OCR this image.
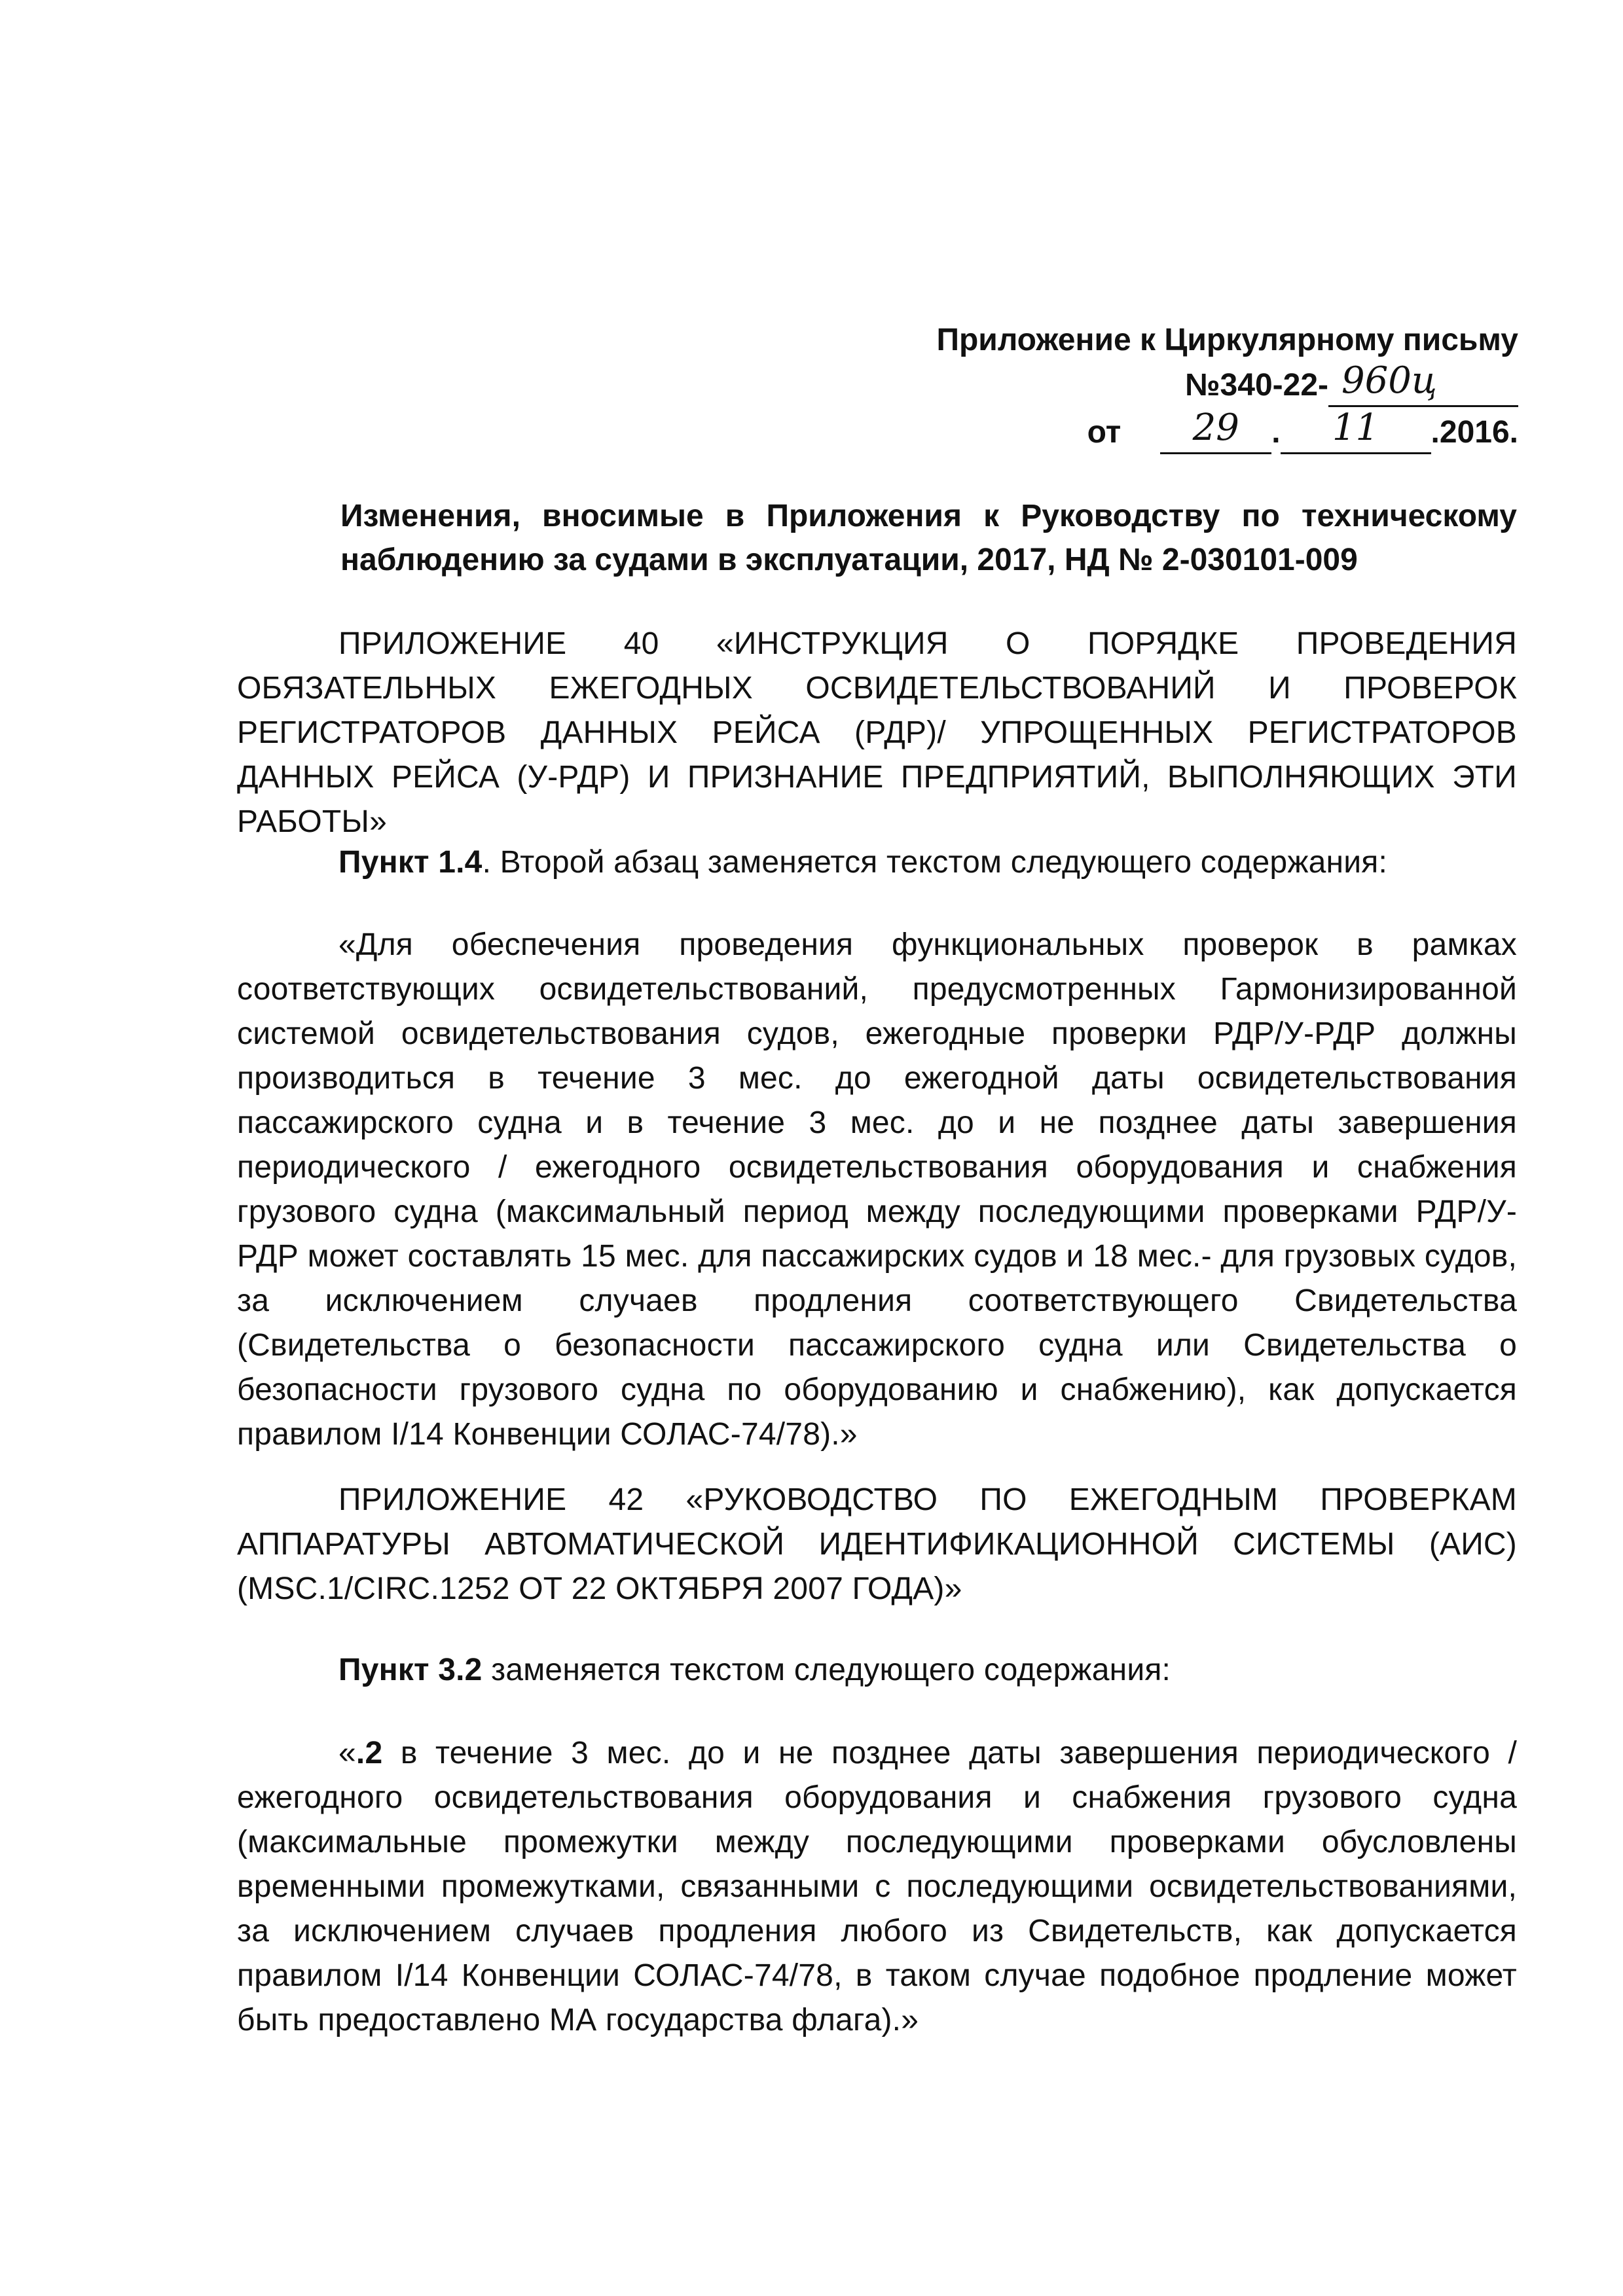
Приложение к Циркулярному письму
№340-22- 960ц
от 29 . 11 .2016.
Изменения, вносимые в Приложения к Руководству по техническому наблюдению за судами в эксплуатации, 2017, НД № 2-030101-009
ПРИЛОЖЕНИЕ 40 «ИНСТРУКЦИЯ О ПОРЯДКЕ ПРОВЕДЕНИЯ ОБЯЗАТЕЛЬНЫХ ЕЖЕГОДНЫХ ОСВИДЕТЕЛЬСТВОВАНИЙ И ПРОВЕРОК РЕГИСТРАТОРОВ ДАННЫХ РЕЙСА (РДР)/ УПРОЩЕННЫХ РЕГИСТРАТОРОВ ДАННЫХ РЕЙСА (У-РДР) И ПРИЗНАНИЕ ПРЕДПРИЯТИЙ, ВЫПОЛНЯЮЩИХ ЭТИ РАБОТЫ»
Пункт 1.4. Второй абзац заменяется текстом следующего содержания:
«Для обеспечения проведения функциональных проверок в рамках соответствующих освидетельствований, предусмотренных Гармонизированной системой освидетельствования судов, ежегодные проверки РДР/У-РДР должны производиться в течение 3 мес. до ежегодной даты освидетельствования пассажирского судна и в течение 3 мес. до и не позднее даты завершения периодического / ежегодного освидетельствования оборудования и снабжения грузового судна (максимальный период между последующими проверками РДР/У-РДР может составлять 15 мес. для пассажирских судов и 18 мес.- для грузовых судов, за исключением случаев продления соответствующего Свидетельства (Свидетельства о безопасности пассажирского судна или Свидетельства о безопасности грузового судна по оборудованию и снабжению), как допускается правилом I/14 Конвенции СОЛАС-74/78).»
ПРИЛОЖЕНИЕ 42 «РУКОВОДСТВО ПО ЕЖЕГОДНЫМ ПРОВЕРКАМ АППАРАТУРЫ АВТОМАТИЧЕСКОЙ ИДЕНТИФИКАЦИОННОЙ СИСТЕМЫ (АИС) (MSC.1/CIRC.1252 ОТ 22 ОКТЯБРЯ 2007 ГОДА)»
Пункт 3.2 заменяется текстом следующего содержания:
«.2 в течение 3 мес. до и не позднее даты завершения периодического / ежегодного освидетельствования оборудования и снабжения грузового судна (максимальные промежутки между последующими проверками обусловлены временными промежутками, связанными с последующими освидетельствованиями, за исключением случаев продления любого из Свидетельств, как допускается правилом I/14 Конвенции СОЛАС-74/78, в таком случае подобное продление может быть предоставлено МА государства флага).»
